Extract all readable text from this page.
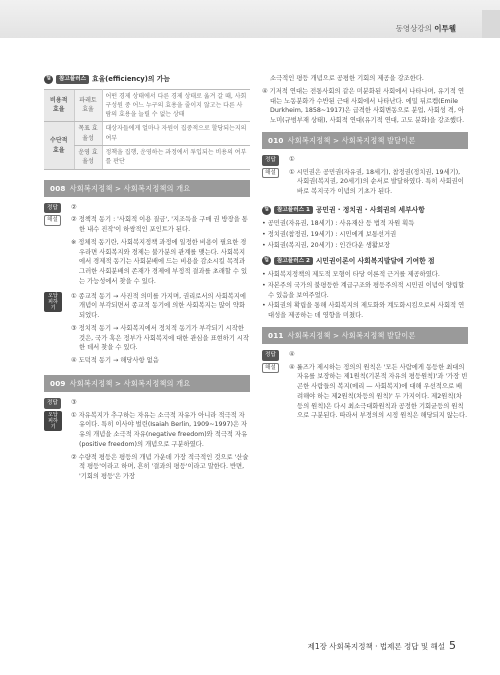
동영상강의 이투웰
팁	참고플러스 효율(efficiency)의 가늠
비용적 효율	파레토 효율	어떤 경제 상태에서 다른 경제 상태로 옮겨 갈 때, 사회구성원 중 어느 누구의 효용을 줄이지 않고는 다른 사람의 효용을 늘릴 수 없는 상태
수단적 효율	목표 효율성	대상자들에게 얼마나 자원이 집중적으로 할당되는지의 여부
	운영 효율성	정책을 집행, 운영하는 과정에서 투입되는 비용의 여부를 판단
008 사회복지정책 > 사회복지정책의 개요
정답	②
해설	② 정책적 동기 : '사회적 이용 질금', '지조득을 구매 권 방장을 통한 내수 진작'이 하쌍적인 포인트가 된다.

※ 정체적 동기란, 사회복지정책 과정에 일정한 비용이 필요한 경우라면 사회복지와 경제는 불가분의 관계를 맺는다. 사회복지에서 경제적 동기는 사회분배에 드는 비용을 감소시킬 목적과 그러한 사회분배의 존재가 경제에 부정적 결과를 초래할 수 있는 가능성에서 찾을 수 있다.

오답 피하기

① 종교적 동기 → 사진적 의미를 가지며, 권리로서의 사회복지에 개념이 부각되면서 종교적 동기에 의한 사회복지는 많이 약화되었다.

③ 정치적 동기 → 사회복지에서 정치적 동기가 부각되기 시작한 것은, 국가 혹은 정부가 사회복지에 대한 관심을 표현하기 시작한 데서 찾을 수 있다.

④ 도덕적 동기 → 해당사항 없음

009 사회복지정책 > 사회복지정책의 개요
정답	③
오답 피하기

① 자유복지가 추구하는 자유는 소극적 자유가 아니라 적극적 자유이다. 특히 이사야 벌린(Isaiah Berlin, 1909~1997)은 자유의 개념을 소극적 자유(negative freedom)와 적극적 자유(positive freedom)의 개념으로 구분하였다.

② 수량적 평등은 평등의 개념 가운데 가장 적극적인 것으로 '산술적 평등'이라고 하며, 흔히 '결과의 평등'이라고 말한다. 반면, '기회의 평등'은 가장

소극적인 평등 개념으로 공평한 기회의 제공을 강조한다.

④ 기저적 연대는 전통사회의 같은 미분화된 사회에서 나타나며, 유기적 연대는 노동분화가 수반된 근대 사회에서 나타난다. 에밀 뒤르켐(Emile Durkheim, 1858~1917)은 급격한 사회변동으로 분업, 사회성 격, 아노미(규범부재 상태), 사회적 연대(유기적 연대, 고도 분화)을 강조했다.

010 사회복지정책 > 사회복지정책 발달이론
정답	①
해설	① 시민권은 공민권(자유권, 18세기), 참정권(정치권, 19세기), 사회권(복지권, 20세기)의 순서로 발달하였다. 특히 사회권이 바로 복지국가 이념의 기초가 된다.

팁	참고플러스 1 공민권 · 정치권 · 사회권의 세부사항
• 공민권(자유권, 18세기) : 사유재산 등 법적 자원 획득
• 정치권(참정권, 19세기) : 시민에게 보통선거권
• 사회권(복지권, 20세기) : 인간다운 생활보장
팁	참고플러스 2 시민권이론이 사회복지발달에 기여한 점
• 사회복지정책의 제도적 모형이 타당 이론적 근거를 제공하였다.
• 자본주의 국가의 불평등한 계급구조와 평등주의적 시민권 이념이 양립할 수 있음을 보여주었다.
• 사회권의 확립을 통해 사회복지의 제도화와 계도화시킴으로써 사회적 연대성을 제공하는 데 영향을 미쳤다.
011 사회복지정책 > 사회복지정책 발달이론
정답	④
해설	④ 롤즈가 제시하는 정의의 원칙은 '모든 사람에게 동등한 최대의 자유를 보장하는 제1원칙(기본적 자유의 평등원칙)'과 '가장 빈곤한 사람들의 복지(메리 — 사회복지)에 대해 우선적으로 배려해야 하는 제2원칙(차등의 원칙)' 두 가지이다. 제2원칙(차등의 원칙)은 다시 최소극대화원칙과 공정한 기회균등의 원칙으로 구분된다. 따라서 부정의의 시정 원칙은 해당되지 않는다.

제1장 사회복지정책 · 법제론 정답 및 해설 5
